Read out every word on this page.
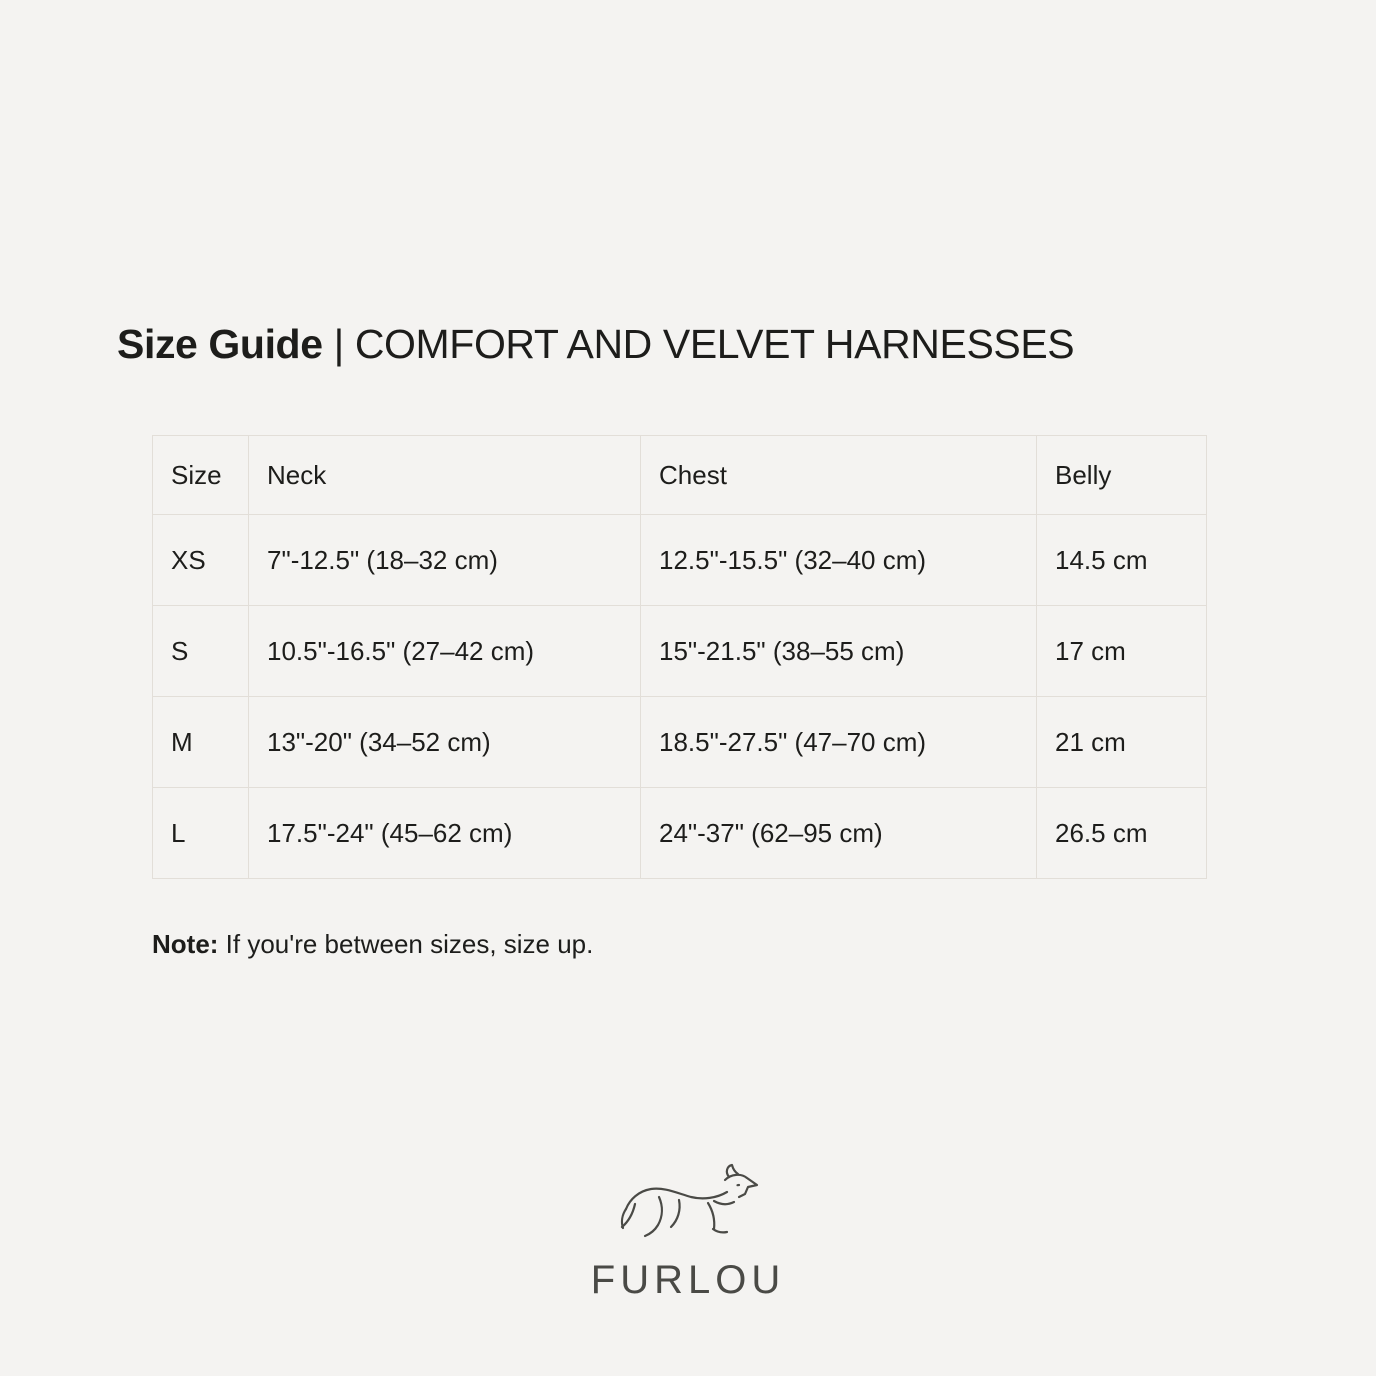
Size Guide | COMFORT AND VELVET HARNESSES
Size	Neck	Chest	Belly
XS	7"-12.5" (18–32 cm)	12.5"-15.5" (32–40 cm)	14.5 cm
S	10.5"-16.5" (27–42 cm)	15"-21.5" (38–55 cm)	17 cm
M	13"-20" (34–52 cm)	18.5"-27.5" (47–70 cm)	21 cm
L	17.5"-24" (45–62 cm)	24"-37" (62–95 cm)	26.5 cm

Note: If you're between sizes, size up.

FURLOU
